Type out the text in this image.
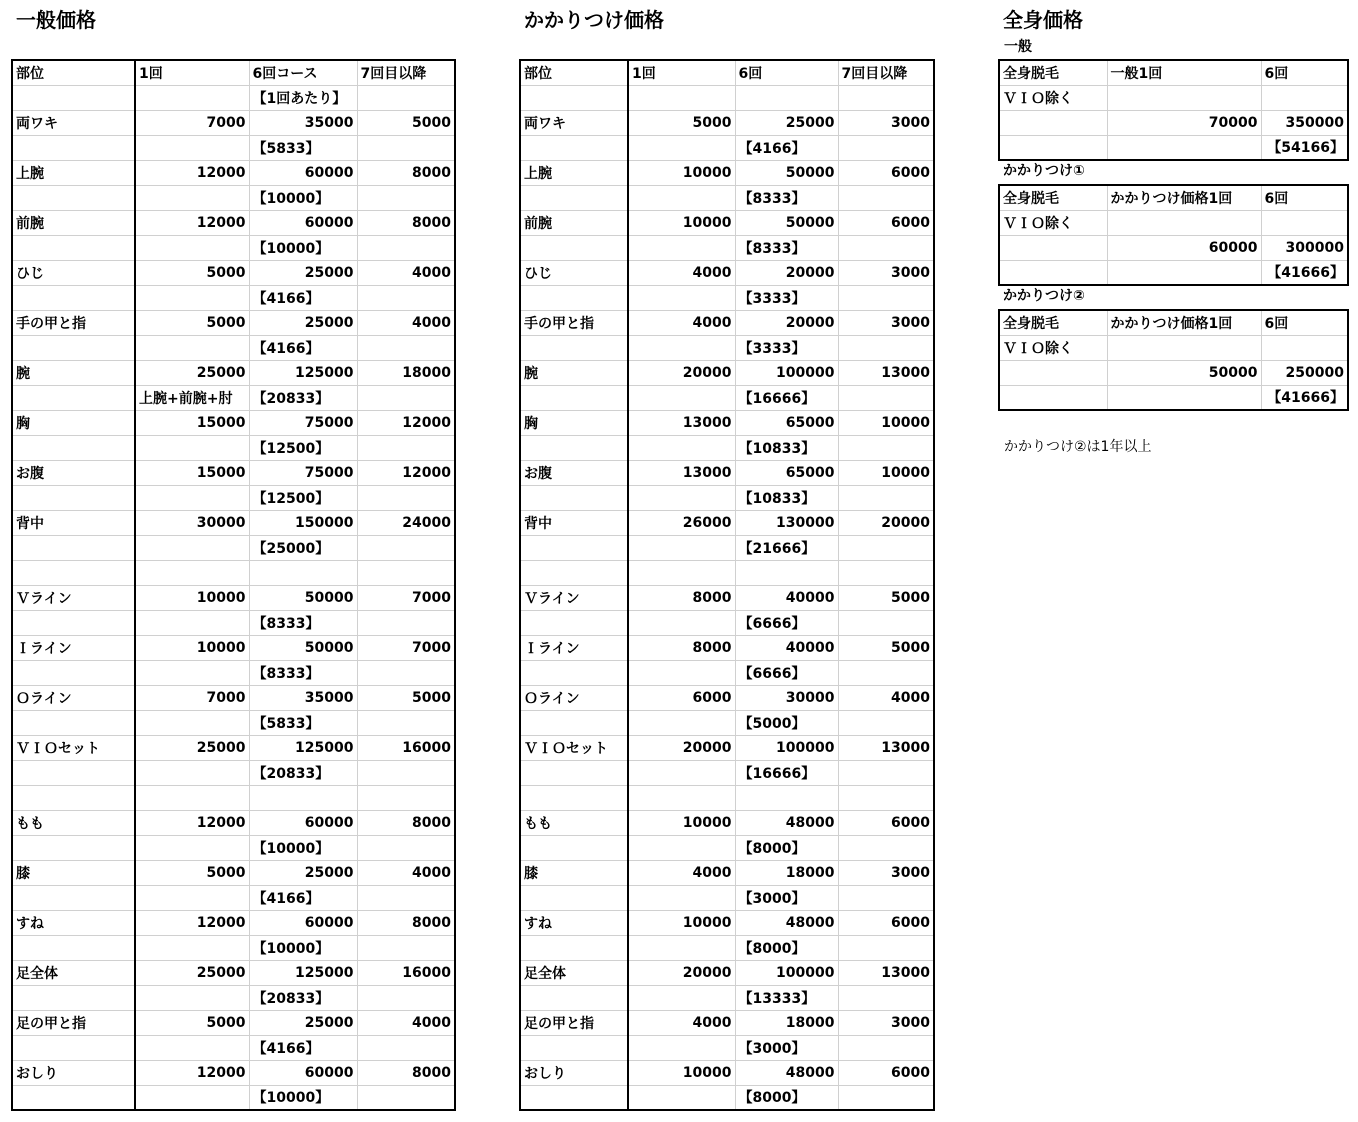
一般価格
部位	1回	6回コース	7回目以降
		【1回あたり】	
両ワキ	7000	35000	5000
		【5833】	
上腕	12000	60000	8000
		【10000】	
前腕	12000	60000	8000
		【10000】	
ひじ	5000	25000	4000
		【4166】	
手の甲と指	5000	25000	4000
		【4166】	
腕	25000	125000	18000
	上腕+前腕+肘	【20833】	
胸	15000	75000	12000
		【12500】	
お腹	15000	75000	12000
		【12500】	
背中	30000	150000	24000
		【25000】	

Ｖライン	10000	50000	7000
		【8333】	
Ｉライン	10000	50000	7000
		【8333】	
Ｏライン	7000	35000	5000
		【5833】	
ＶＩＯセット	25000	125000	16000
		【20833】	

もも	12000	60000	8000
		【10000】	
膝	5000	25000	4000
		【4166】	
すね	12000	60000	8000
		【10000】	
足全体	25000	125000	16000
		【20833】	
足の甲と指	5000	25000	4000
		【4166】	
おしり	12000	60000	8000
		【10000】	
かかりつけ価格
部位	1回	6回	7回目以降

両ワキ	5000	25000	3000
		【4166】	
上腕	10000	50000	6000
		【8333】	
前腕	10000	50000	6000
		【8333】	
ひじ	4000	20000	3000
		【3333】	
手の甲と指	4000	20000	3000
		【3333】	
腕	20000	100000	13000
		【16666】	
胸	13000	65000	10000
		【10833】	
お腹	13000	65000	10000
		【10833】	
背中	26000	130000	20000
		【21666】	

Ｖライン	8000	40000	5000
		【6666】	
Ｉライン	8000	40000	5000
		【6666】	
Ｏライン	6000	30000	4000
		【5000】	
ＶＩＯセット	20000	100000	13000
		【16666】	

もも	10000	48000	6000
		【8000】	
膝	4000	18000	3000
		【3000】	
すね	10000	48000	6000
		【8000】	
足全体	20000	100000	13000
		【13333】	
足の甲と指	4000	18000	3000
		【3000】	
おしり	10000	48000	6000
		【8000】	
全身価格
一般
全身脱毛	一般1回	6回
ＶＩＯ除く		
	70000	350000
		【54166】
かかりつけ①
全身脱毛	かかりつけ価格1回	6回
ＶＩＯ除く		
	60000	300000
		【41666】
かかりつけ②
全身脱毛	かかりつけ価格1回	6回
ＶＩＯ除く		
	50000	250000
		【41666】
かかりつけ②は1年以上
